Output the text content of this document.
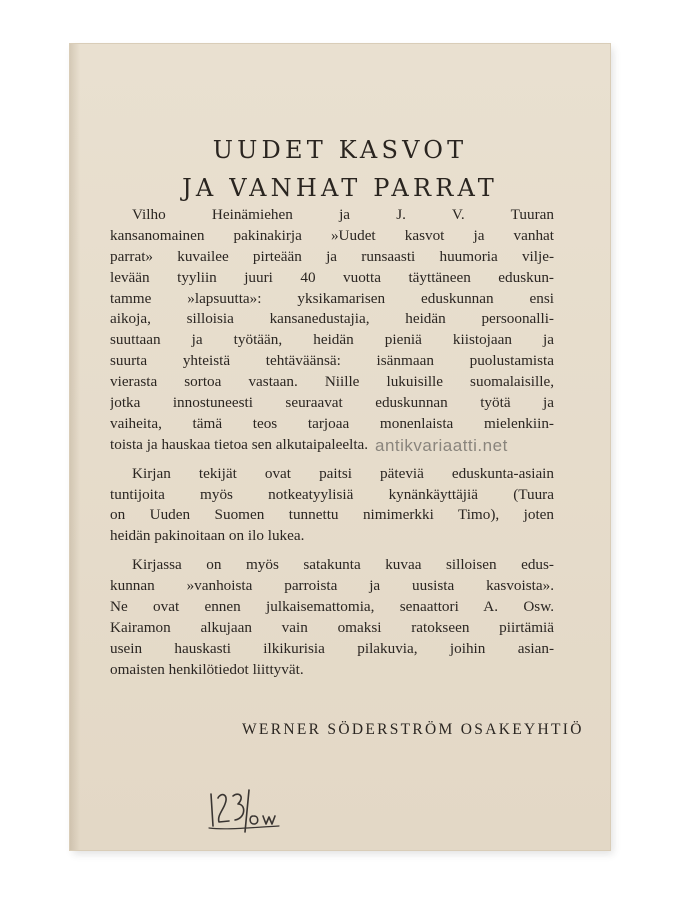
UUDET KASVOT
JA VANHAT PARRAT
antikvariaatti.net
WERNER SÖDERSTRÖM OSAKEYHTIÖ
Vilho Heinämiehen ja J. V. Tuuran
kansanomainen pakinakirja »Uudet kasvot ja vanhat
parrat» kuvailee pirteään ja runsaasti huumoria vilje-
levään tyyliin juuri 40 vuotta täyttäneen eduskun-
tamme »lapsuutta»: yksikamarisen eduskunnan ensi
aikoja, silloisia kansanedustajia, heidän persoonalli-
suuttaan ja työtään, heidän pieniä kiistojaan ja
suurta yhteistä tehtäväänsä: isänmaan puolustamista
vierasta sortoa vastaan. Niille lukuisille suomalaisille,
jotka innostuneesti seuraavat eduskunnan työtä ja
vaiheita, tämä teos tarjoaa monenlaista mielenkiin-
toista ja hauskaa tietoa sen alkutaipaleelta.
Kirjan tekijät ovat paitsi päteviä eduskunta-asiain
tuntijoita myös notkeatyylisiä kynänkäyttäjiä (Tuura
on Uuden Suomen tunnettu nimimerkki Timo), joten
heidän pakinoitaan on ilo lukea.
Kirjassa on myös satakunta kuvaa silloisen edus-
kunnan »vanhoista parroista ja uusista kasvoista».
Ne ovat ennen julkaisemattomia, senaattori A. Osw.
Kairamon alkujaan vain omaksi ratokseen piirtämiä
usein hauskasti ilkikurisia pilakuvia, joihin asian-
omaisten henkilötiedot liittyvät.
